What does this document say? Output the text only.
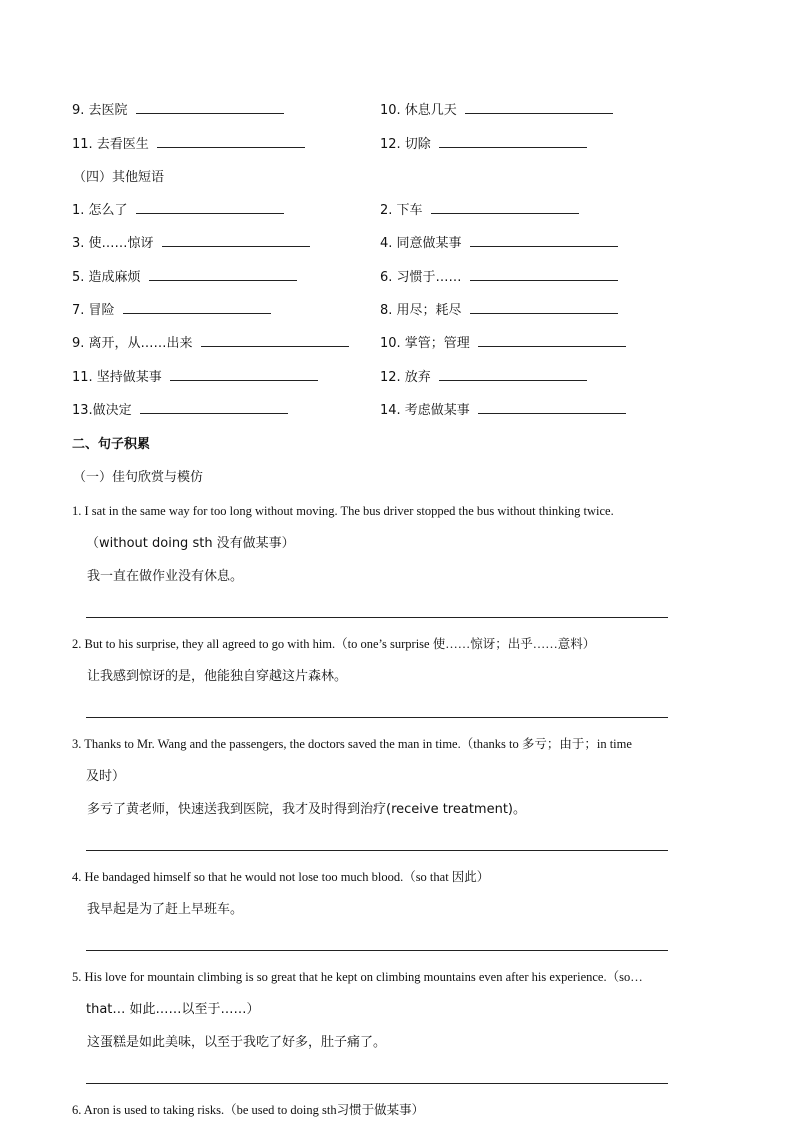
9. 去医院	10. 休息几天
11. 去看医生	12. 切除
（四）其他短语
1. 怎么了	2. 下车
3. 使……惊讶	4. 同意做某事
5. 造成麻烦	6. 习惯于……
7. 冒险	8. 用尽；耗尽
9. 离开，从……出来	10. 掌管；管理
11. 坚持做某事	12. 放弃
13.做决定	14. 考虑做某事
二、句子积累
（一）佳句欣赏与模仿
1. I sat in the same way for too long without moving. The bus driver stopped the bus without thinking twice.
（without doing sth 没有做某事）
我一直在做作业没有休息。
2. But to his surprise, they all agreed to go with him.（to one’s surprise 使……惊讶；出乎……意料）
让我感到惊讶的是，他能独自穿越这片森林。
3. Thanks to Mr. Wang and the passengers, the doctors saved the man in time.（thanks to 多亏；由于；in time
及时）
多亏了黄老师，快速送我到医院，我才及时得到治疗(receive treatment)。
4. He bandaged himself so that he would not lose too much blood.（so that 因此）
我早起是为了赶上早班车。
5. His love for mountain climbing is so great that he kept on climbing mountains even after his experience.（so…
that… 如此……以至于……）
这蛋糕是如此美味，以至于我吃了好多，肚子痛了。
6. Aron is used to taking risks.（be used to doing sth习惯于做某事）
